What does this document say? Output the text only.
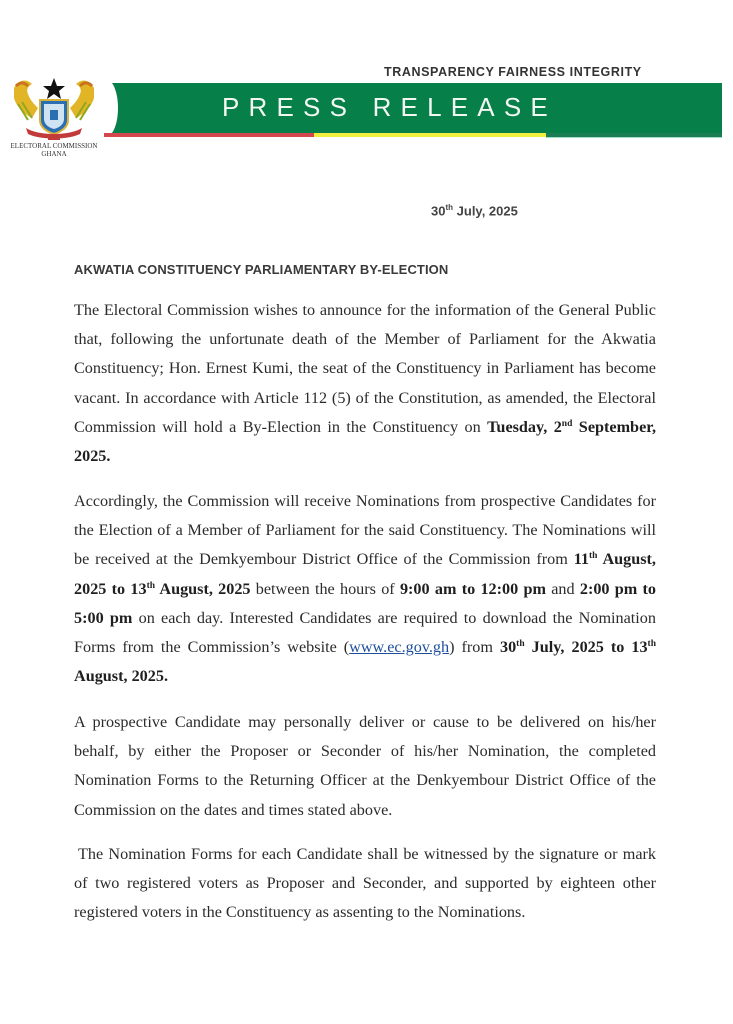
ELECTORAL COMMISSION
GHANA
TRANSPARENCY FAIRNESS INTEGRITY
PRESS RELEASE
30th July, 2025
AKWATIA CONSTITUENCY PARLIAMENTARY BY-ELECTION
The Electoral Commission wishes to announce for the information of the General Public that, following the unfortunate death of the Member of Parliament for the Akwatia Constituency; Hon. Ernest Kumi, the seat of the Constituency in Parliament has become vacant. In accordance with Article 112 (5) of the Constitution, as amended, the Electoral Commission will hold a By-Election in the Constituency on Tuesday, 2nd September, 2025.
Accordingly, the Commission will receive Nominations from prospective Candidates for the Election of a Member of Parliament for the said Constituency. The Nominations will be received at the Demkyembour District Office of the Commission from 11th August, 2025 to 13th August, 2025 between the hours of 9:00 am to 12:00 pm and 2:00 pm to 5:00 pm on each day. Interested Candidates are required to download the Nomination Forms from the Commission’s website (www.ec.gov.gh) from 30th July, 2025 to 13th August, 2025.
A prospective Candidate may personally deliver or cause to be delivered on his/her behalf, by either the Proposer or Seconder of his/her Nomination, the completed Nomination Forms to the Returning Officer at the Denkyembour District Office of the Commission on the dates and times stated above.
The Nomination Forms for each Candidate shall be witnessed by the signature or mark of two registered voters as Proposer and Seconder, and supported by eighteen other registered voters in the Constituency as assenting to the Nominations.
